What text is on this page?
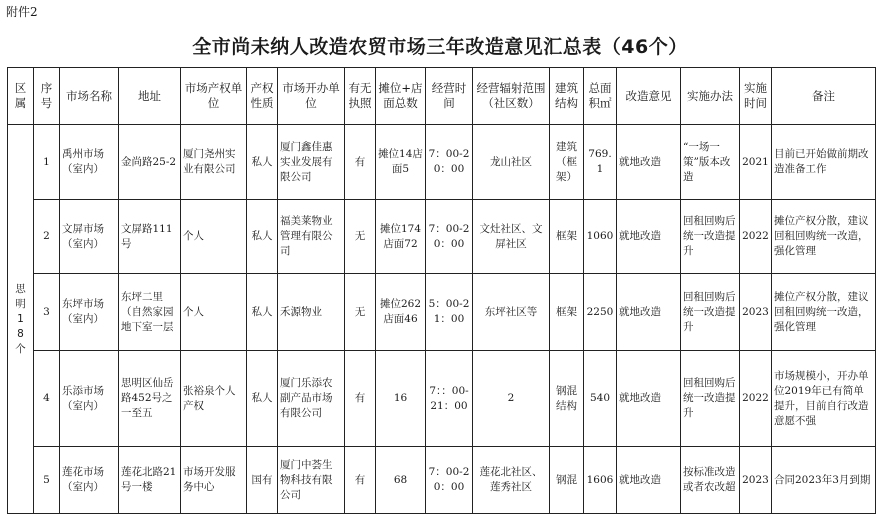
附件2
全市尚未纳人改造农贸市场三年改造意见汇总表（46个）
区属	序号	市场名称	地址	市场产权单位	产权性质	市场开办单位	有无执照	摊位+店面总数	经营时间	经营辐射范围（社区数）	建筑结构	总面积㎡	改造意见	实施办法	实施时间	备注

思明18个	1	禹州市场（室内）	金尚路25-2	厦门尧州实业有限公司	私人	厦门鑫佳惠实业发展有限公司	有	摊位14店面5	7：00-20：00	龙山社区	建筑（框架）	769.1	就地改造	“一场一策”版本改造	2021	目前已开始做前期改造准备工作
	2	文屏市场（室内）	文屏路111号	个人	私人	福美莱物业管理有限公司	无	摊位174店面72	7：00-20：00	文灶社区、文屏社区	框架	1060	就地改造	回租回购后统一改造提升	2022	摊位产权分散，建议回租回购统一改造，强化管理
	3	东坪市场（室内）	东坪二里（自然家园地下室一层	个人	私人	禾源物业	无	摊位262店面46	5：00-21：00	东坪社区等	框架	2250	就地改造	回租回购后统一改造提升	2023	摊位产权分散，建议回租回购统一改造，强化管理
	4	乐添市场（室内）	思明区仙岳路452号之一至五	张裕泉个人产权	私人	厦门乐添农副产品市场有限公司	有	16	7：：00-21：00	2	钢混结构	540	就地改造	回租回购后统一改造提升	2022	市场规模小，开办单位2019年已有简单提升，目前自行改造意愿不强
	5	莲花市场（室内）	莲花北路21号一楼	市场开发服务中心	国有	厦门中荟生物科技有限公司	有	68	7：00-20：00	莲花北社区、莲秀社区	钢混	1606	就地改造	按标准改造或者农改超	2023	合同2023年3月到期
